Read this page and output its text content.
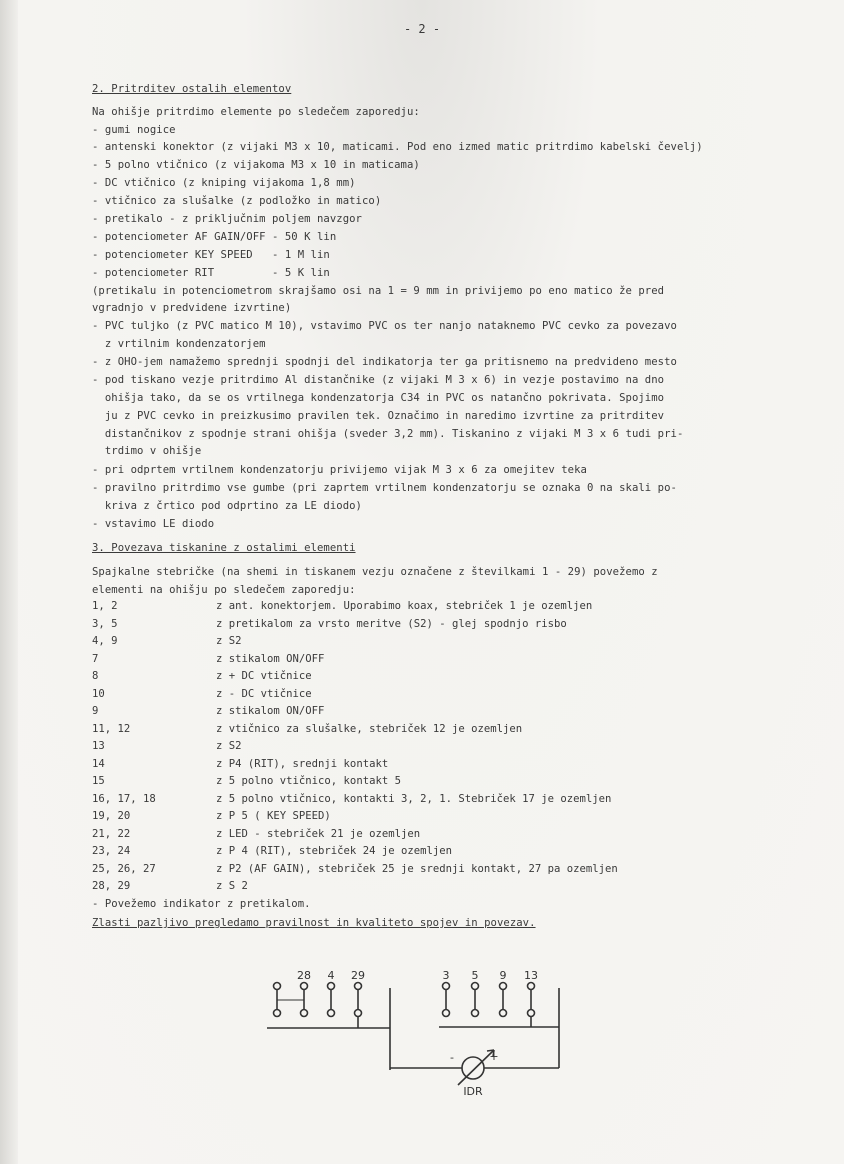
- 2 -
2. Pritrditev ostalih elementov
Na ohišje pritrdimo elemente po sledečem zaporedju:
- gumi nogice
- antenski konektor (z vijaki M3 x 10, maticami. Pod eno izmed matic pritrdimo kabelski čevelj)
- 5 polno vtičnico (z vijakoma M3 x 10 in maticama)
- DC vtičnico (z kniping vijakoma 1,8 mm)
- vtičnico za slušalke (z podložko in matico)
- pretikalo - z priključnim poljem navzgor
- potenciometer AF GAIN/OFF - 50 K lin
- potenciometer KEY SPEED   - 1 M lin
- potenciometer RIT         - 5 K lin
(pretikalu in potenciometrom skrajšamo osi na 1 = 9 mm in privijemo po eno matico že pred
vgradnjo v predvidene izvrtine)
- PVC tuljko (z PVC matico M 10), vstavimo PVC os ter nanjo nataknemo PVC cevko za povezavo
z vrtilnim kondenzatorjem
- z OHO-jem namažemo sprednji spodnji del indikatorja ter ga pritisnemo na predvideno mesto
- pod tiskano vezje pritrdimo Al distančnike (z vijaki M 3 x 6) in vezje postavimo na dno
ohišja tako, da se os vrtilnega kondenzatorja C34 in PVC os natančno pokrivata. Spojimo
ju z PVC cevko in preizkusimo pravilen tek. Označimo in naredimo izvrtine za pritrditev
distančnikov z spodnje strani ohišja (sveder 3,2 mm). Tiskanino z vijaki M 3 x 6 tudi pri-
trdimo v ohišje
- pri odprtem vrtilnem kondenzatorju privijemo vijak M 3 x 6 za omejitev teka
- pravilno pritrdimo vse gumbe (pri zaprtem vrtilnem kondenzatorju se oznaka 0 na skali po-
kriva z črtico pod odprtino za LE diodo)
- vstavimo LE diodo
3. Povezava tiskanine z ostalimi elementi
Spajkalne stebričke (na shemi in tiskanem vezju označene z številkami 1 - 29) povežemo z
elementi na ohišju po sledečem zaporedju:
1, 2	z ant. konektorjem. Uporabimo koax, stebriček 1 je ozemljen
3, 5	z pretikalom za vrsto meritve (S2) - glej spodnjo risbo
4, 9	z S2
7	z stikalom ON/OFF
8	z + DC vtičnice
10	z - DC vtičnice
9	z stikalom ON/OFF
11, 12	z vtičnico za slušalke, stebriček 12 je ozemljen
13	z S2
14	z P4 (RIT), srednji kontakt
15	z 5 polno vtičnico, kontakt 5
16, 17, 18	z 5 polno vtičnico, kontakti 3, 2, 1. Stebriček 17 je ozemljen
19, 20	z P 5 ( KEY SPEED)
21, 22	z LED - stebriček 21 je ozemljen
23, 24	z P 4 (RIT), stebriček 24 je ozemljen
25, 26, 27	z P2 (AF GAIN), stebriček 25 je srednji kontakt, 27 pa ozemljen
28, 29	z S 2
- Povežemo indikator z pretikalom.
Zlasti pazljivo pregledamo pravilnost in kvaliteto spojev in povezav.
28 4 29	3 5 9 13
-	+
IDR
